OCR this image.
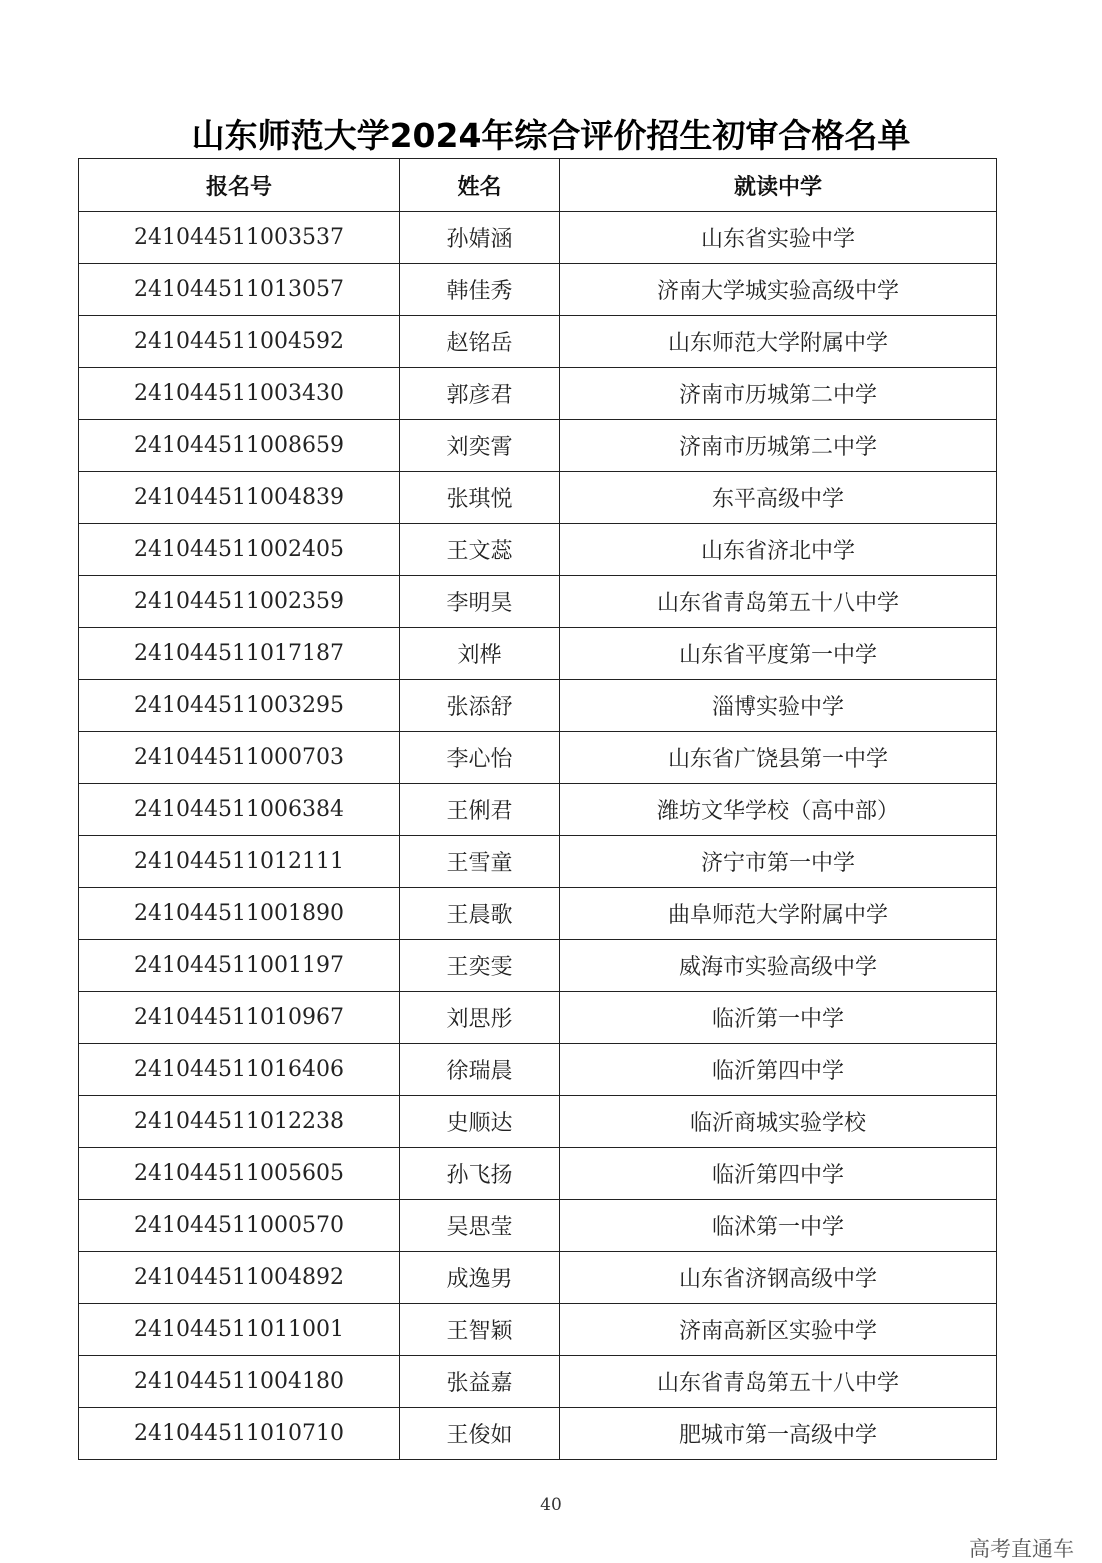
山东师范大学2024年综合评价招生初审合格名单
报名号	姓名	就读中学
241044511003537	孙婧涵	山东省实验中学
241044511013057	韩佳秀	济南大学城实验高级中学
241044511004592	赵铭岳	山东师范大学附属中学
241044511003430	郭彦君	济南市历城第二中学
241044511008659	刘奕霄	济南市历城第二中学
241044511004839	张琪悦	东平高级中学
241044511002405	王文蕊	山东省济北中学
241044511002359	李明昊	山东省青岛第五十八中学
241044511017187	刘桦	山东省平度第一中学
241044511003295	张添舒	淄博实验中学
241044511000703	李心怡	山东省广饶县第一中学
241044511006384	王俐君	潍坊文华学校（高中部）
241044511012111	王雪童	济宁市第一中学
241044511001890	王晨歌	曲阜师范大学附属中学
241044511001197	王奕雯	威海市实验高级中学
241044511010967	刘思彤	临沂第一中学
241044511016406	徐瑞晨	临沂第四中学
241044511012238	史顺达	临沂商城实验学校
241044511005605	孙飞扬	临沂第四中学
241044511000570	吴思莹	临沭第一中学
241044511004892	成逸男	山东省济钢高级中学
241044511011001	王智颖	济南高新区实验中学
241044511004180	张益嘉	山东省青岛第五十八中学
241044511010710	王俊如	肥城市第一高级中学
40
高考直通车
